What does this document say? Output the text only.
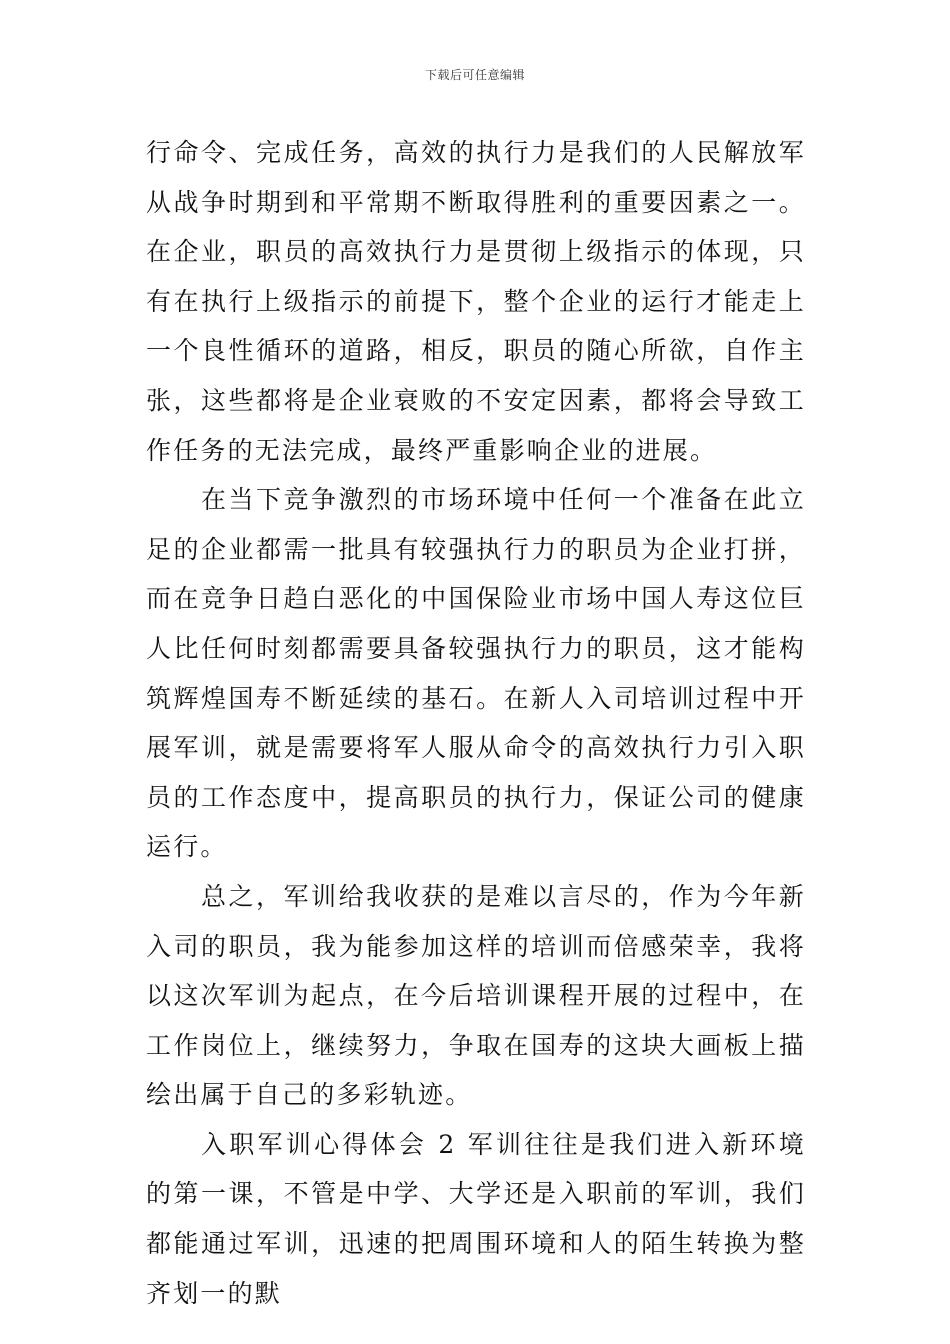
下载后可任意编辑

行命令、完成任务，高效的执行力是我们的人民解放军从战争时期到和平常期不断取得胜利的重要因素之一。在企业，职员的高效执行力是贯彻上级指示的体现，只有在执行上级指示的前提下，整个企业的运行才能走上一个良性循环的道路，相反，职员的随心所欲，自作主张，这些都将是企业衰败的不安定因素，都将会导致工作任务的无法完成，最终严重影响企业的进展。

在当下竞争激烈的市场环境中任何一个准备在此立足的企业都需一批具有较强执行力的职员为企业打拼，而在竞争日趋白恶化的中国保险业市场中国人寿这位巨人比任何时刻都需要具备较强执行力的职员，这才能构筑辉煌国寿不断延续的基石。在新人入司培训过程中开展军训，就是需要将军人服从命令的高效执行力引入职员的工作态度中，提高职员的执行力，保证公司的健康运行。

总之，军训给我收获的是难以言尽的，作为今年新入司的职员，我为能参加这样的培训而倍感荣幸，我将以这次军训为起点，在今后培训课程开展的过程中，在工作岗位上，继续努力，争取在国寿的这块大画板上描绘出属于自己的多彩轨迹。

入职军训心得体会 2 军训往往是我们进入新环境的第一课，不管是中学、大学还是入职前的军训，我们都能通过军训，迅速的把周围环境和人的陌生转换为整齐划一的默
